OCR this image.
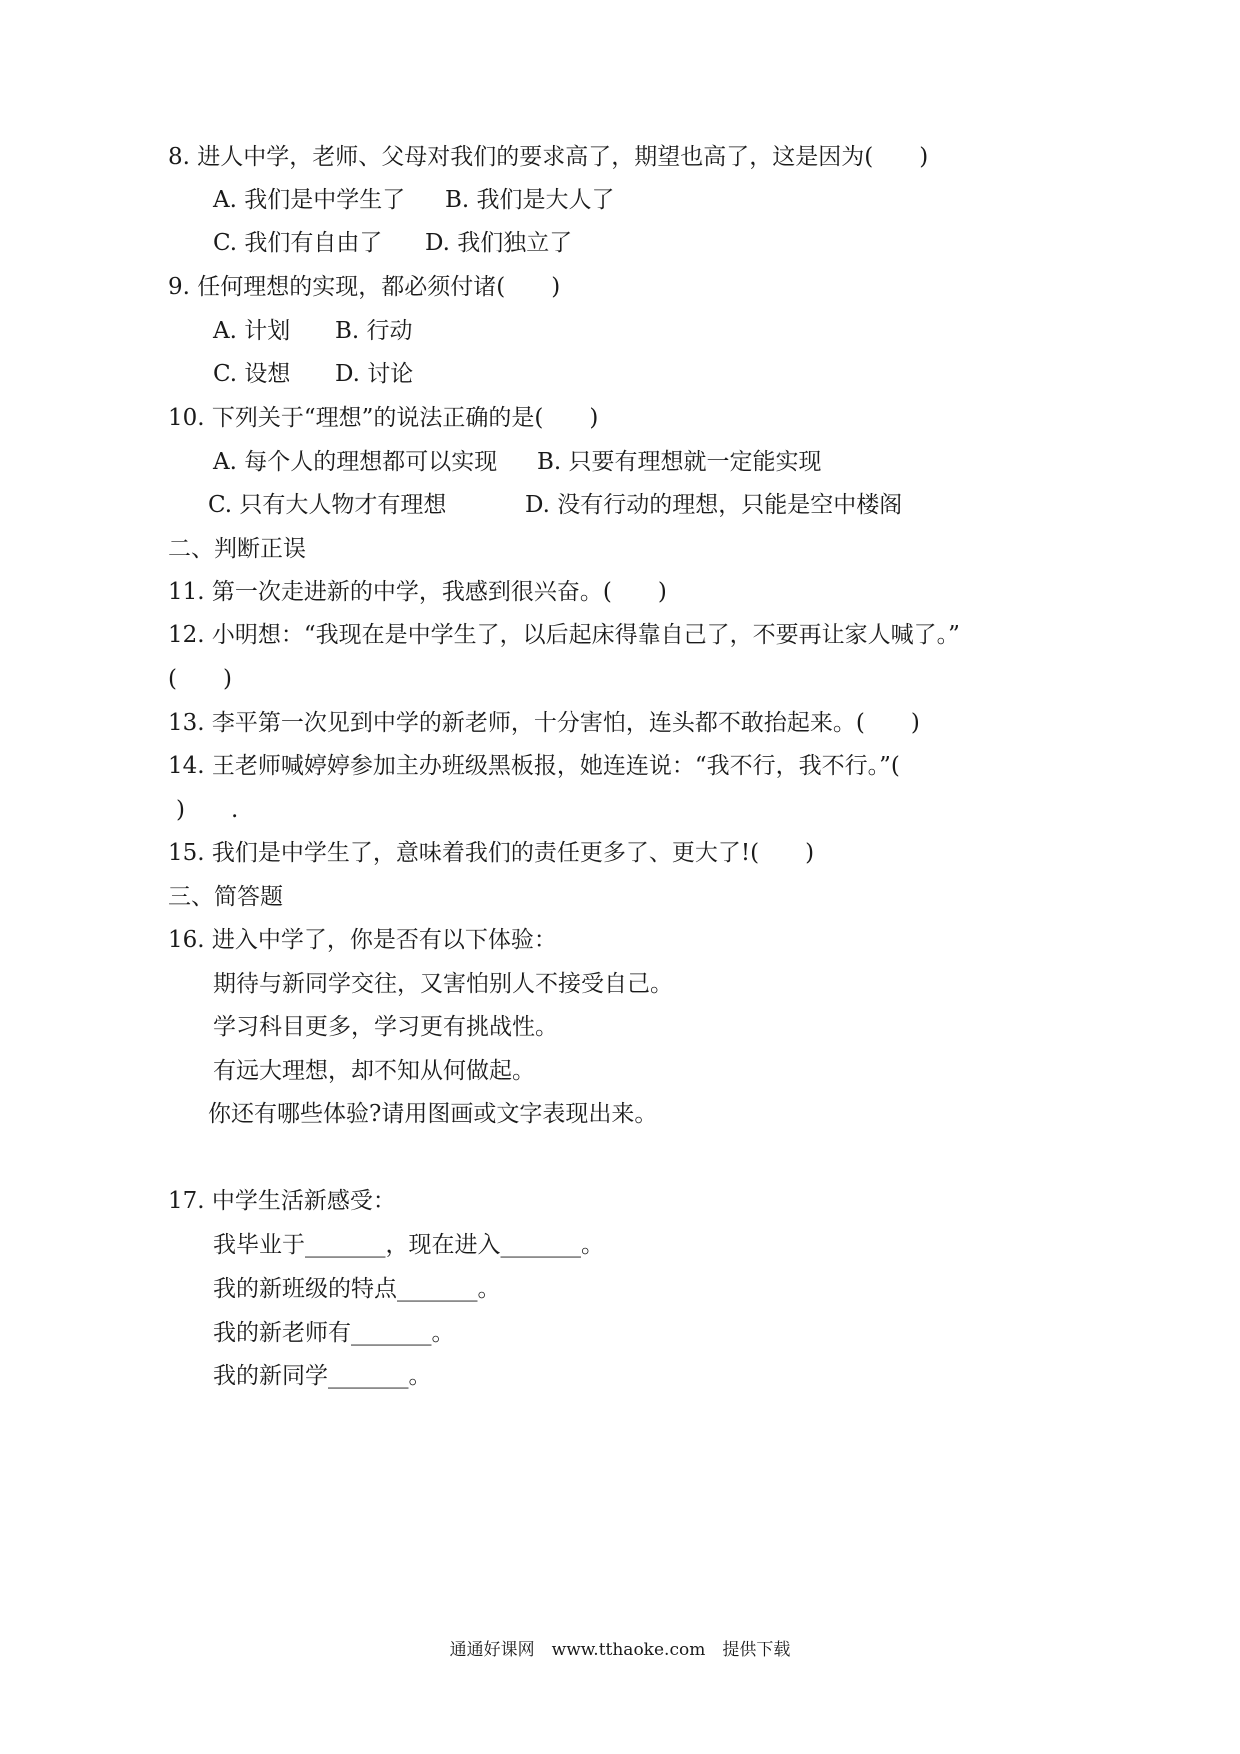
8. 进人中学，老师、父母对我们的要求高了，期望也高了，这是因为(　　)
A. 我们是中学生了 B. 我们是大人了
C. 我们有自由了 D. 我们独立了
9. 任何理想的实现，都必须付诸(　　)
A. 计划 B. 行动
C. 设想 D. 讨论
10. 下列关于“理想”的说法正确的是(　　)
A. 每个人的理想都可以实现 B. 只要有理想就一定能实现
C. 只有大人物才有理想	D. 没有行动的理想，只能是空中楼阁
二、判断正误
11. 第一次走进新的中学，我感到很兴奋。(　　)
12. 小明想：“我现在是中学生了，以后起床得靠自己了，不要再让家人喊了。”
(　　)
13. 李平第一次见到中学的新老师，十分害怕，连头都不敢抬起来。(　　)
14. 王老师喊婷婷参加主办班级黑板报，她连连说：“我不行，我不行。”(
)　　.
15. 我们是中学生了，意味着我们的责任更多了、更大了!(　　)
三、简答题
16. 进入中学了，你是否有以下体验：
期待与新同学交往，又害怕别人不接受自己。
学习科目更多，学习更有挑战性。
有远大理想，却不知从何做起。
你还有哪些体验?请用图画或文字表现出来。
17. 中学生活新感受：
我毕业于_______，现在进入_______。
我的新班级的特点_______。
我的新老师有_______。
我的新同学_______。
通通好课网　www.tthaoke.com　提供下载
